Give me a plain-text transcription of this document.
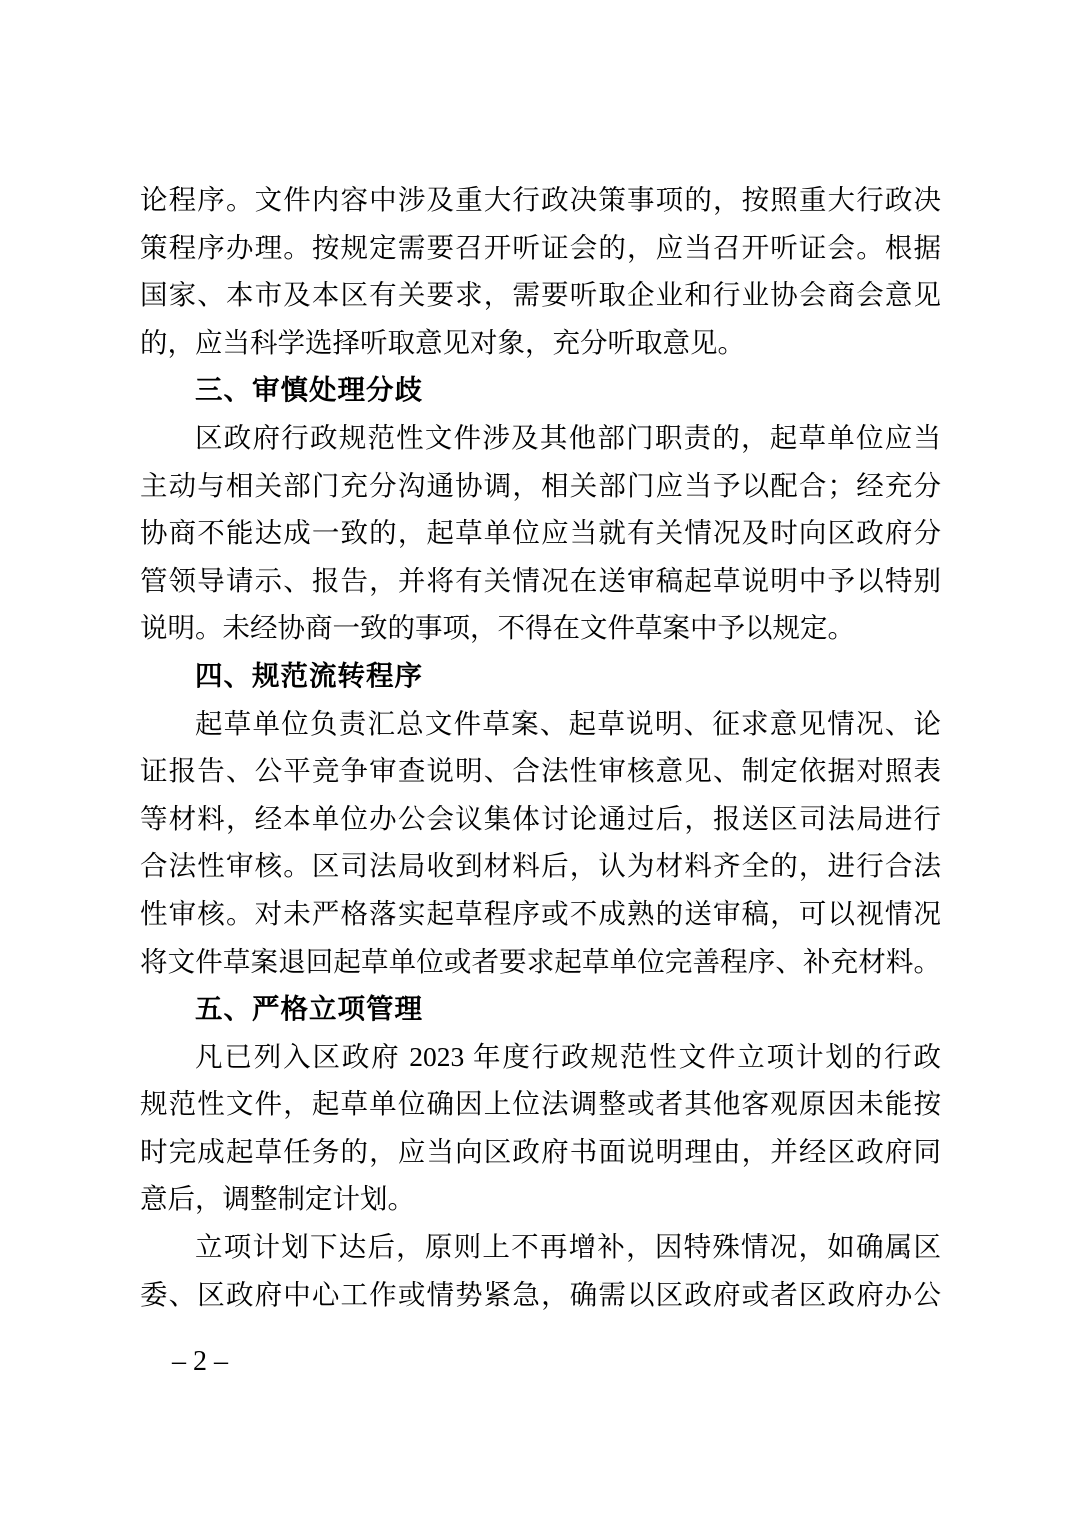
论程序。文件内容中涉及重大行政决策事项的，按照重大行政决
策程序办理。按规定需要召开听证会的，应当召开听证会。根据
国家、本市及本区有关要求，需要听取企业和行业协会商会意见
的，应当科学选择听取意见对象，充分听取意见。
三、审慎处理分歧
区政府行政规范性文件涉及其他部门职责的，起草单位应当
主动与相关部门充分沟通协调，相关部门应当予以配合；经充分
协商不能达成一致的，起草单位应当就有关情况及时向区政府分
管领导请示、报告，并将有关情况在送审稿起草说明中予以特别
说明。未经协商一致的事项，不得在文件草案中予以规定。
四、规范流转程序
起草单位负责汇总文件草案、起草说明、征求意见情况、论
证报告、公平竞争审查说明、合法性审核意见、制定依据对照表
等材料，经本单位办公会议集体讨论通过后，报送区司法局进行
合法性审核。区司法局收到材料后，认为材料齐全的，进行合法
性审核。对未严格落实起草程序或不成熟的送审稿，可以视情况
将文件草案退回起草单位或者要求起草单位完善程序、补充材料。
五、严格立项管理
凡已列入区政府 2023 年度行政规范性文件立项计划的行政
规范性文件，起草单位确因上位法调整或者其他客观原因未能按
时完成起草任务的，应当向区政府书面说明理由，并经区政府同
意后，调整制定计划。
立项计划下达后，原则上不再增补，因特殊情况，如确属区
委、区政府中心工作或情势紧急，确需以区政府或者区政府办公
– 2 –
